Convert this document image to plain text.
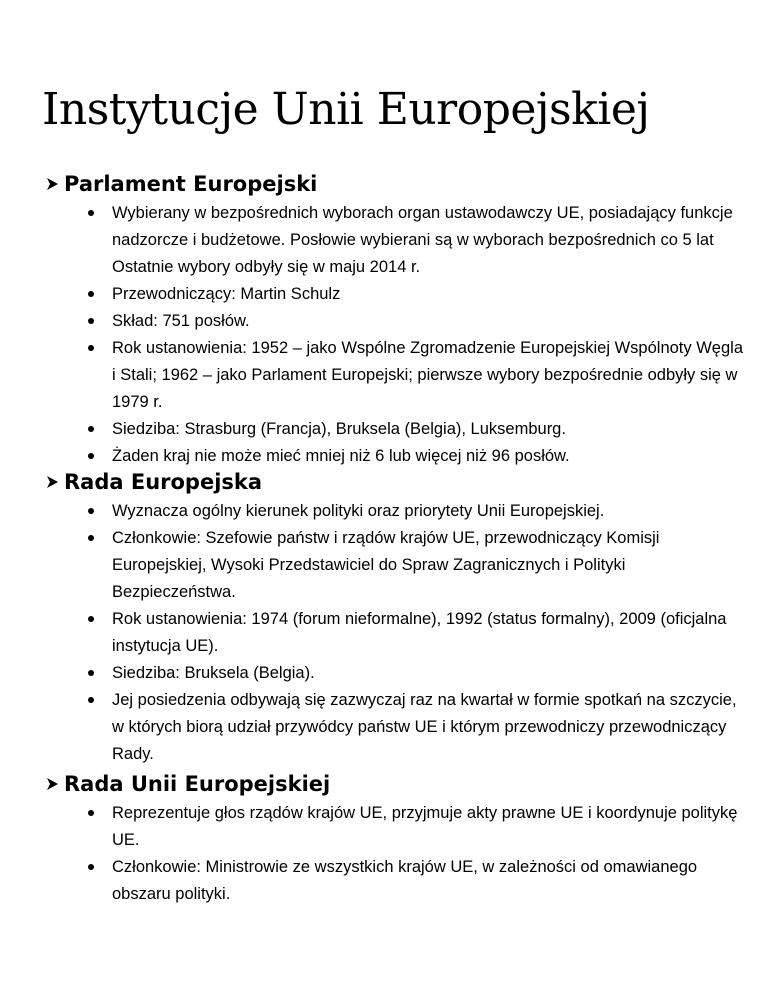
Instytucje Unii Europejskiej
Parlament Europejski
Wybierany w bezpośrednich wyborach organ ustawodawczy UE, posiadający funkcje nadzorcze i budżetowe. Posłowie wybierani są w wyborach bezpośrednich co 5 lat Ostatnie wybory odbyły się w maju 2014 r.
Przewodniczący: Martin Schulz
Skład: 751 posłów.
Rok ustanowienia: 1952 – jako Wspólne Zgromadzenie Europejskiej Wspólnoty Węgla i Stali; 1962 – jako Parlament Europejski; pierwsze wybory bezpośrednie odbyły się w 1979 r.
Siedziba: Strasburg (Francja), Bruksela (Belgia), Luksemburg.
Żaden kraj nie może mieć mniej niż 6 lub więcej niż 96 posłów.
Rada Europejska
Wyznacza ogólny kierunek polityki oraz priorytety Unii Europejskiej.
Członkowie: Szefowie państw i rządów krajów UE, przewodniczący Komisji Europejskiej, Wysoki Przedstawiciel do Spraw Zagranicznych i Polityki Bezpieczeństwa.
Rok ustanowienia: 1974 (forum nieformalne), 1992 (status formalny), 2009 (oficjalna instytucja UE).
Siedziba: Bruksela (Belgia).
Jej posiedzenia odbywają się zazwyczaj raz na kwartał w formie spotkań na szczycie, w których biorą udział przywódcy państw UE i którym przewodniczy przewodniczący Rady.
Rada Unii Europejskiej
Reprezentuje głos rządów krajów UE, przyjmuje akty prawne UE i koordynuje politykę UE.
Członkowie: Ministrowie ze wszystkich krajów UE, w zależności od omawianego obszaru polityki.
